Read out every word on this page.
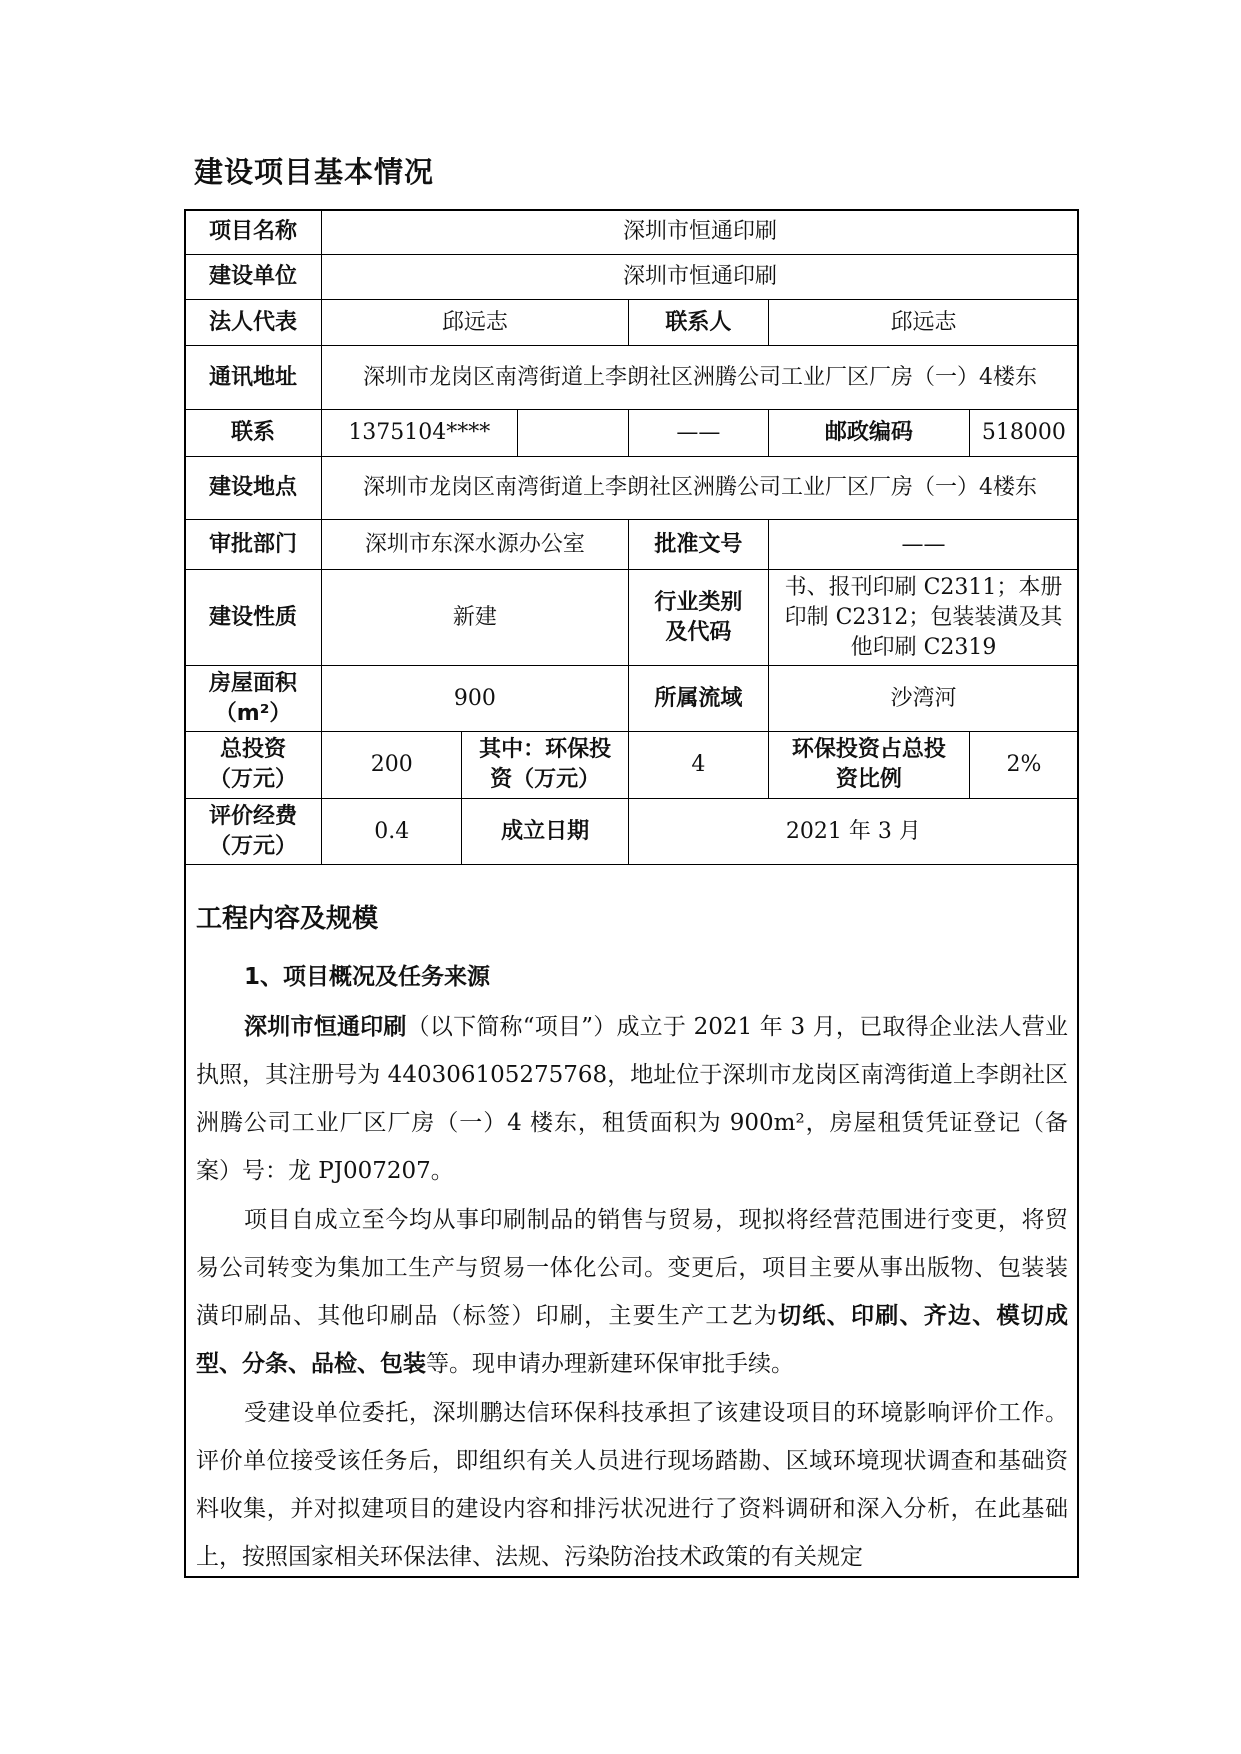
建设项目基本情况
项目名称	深圳市恒通印刷					
建设单位	深圳市恒通印刷					
法人代表	邱远志			联系人	邱远志	
通讯地址	深圳市龙岗区南湾街道上李朗社区洲腾公司工业厂区厂房（一）4楼东					
联系	1375104****			——	邮政编码	518000
建设地点	深圳市龙岗区南湾街道上李朗社区洲腾公司工业厂区厂房（一）4楼东					
审批部门	深圳市东深水源办公室			批准文号	——	
建设性质	新建			行业类别及代码	书、报刊印刷 C2311；本册印制 C2312；包装装潢及其他印刷 C2319	
房屋面积（m²）	900			所属流域	沙湾河	
总投资（万元）	200	其中：环保投资（万元）		4	环保投资占总投资比例	2%
评价经费（万元）	0.4	成立日期		2021 年 3 月		
工程内容及规模
1、项目概况及任务来源

深圳市恒通印刷（以下简称“项目”）成立于 2021 年 3 月，已取得企业法人营业执照，其注册号为 440306105275768，地址位于深圳市龙岗区南湾街道上李朗社区洲腾公司工业厂区厂房（一）4 楼东，租赁面积为 900m²，房屋租赁凭证登记（备案）号：龙 PJ007207。

项目自成立至今均从事印刷制品的销售与贸易，现拟将经营范围进行变更，将贸易公司转变为集加工生产与贸易一体化公司。变更后，项目主要从事出版物、包装装潢印刷品、其他印刷品（标签）印刷，主要生产工艺为切纸、印刷、齐边、模切成型、分条、品检、包装等。现申请办理新建环保审批手续。

受建设单位委托，深圳鹏达信环保科技承担了该建设项目的环境影响评价工作。评价单位接受该任务后，即组织有关人员进行现场踏勘、区域环境现状调查和基础资料收集，并对拟建项目的建设内容和排污状况进行了资料调研和深入分析，在此基础上，按照国家相关环保法律、法规、污染防治技术政策的有关规定
